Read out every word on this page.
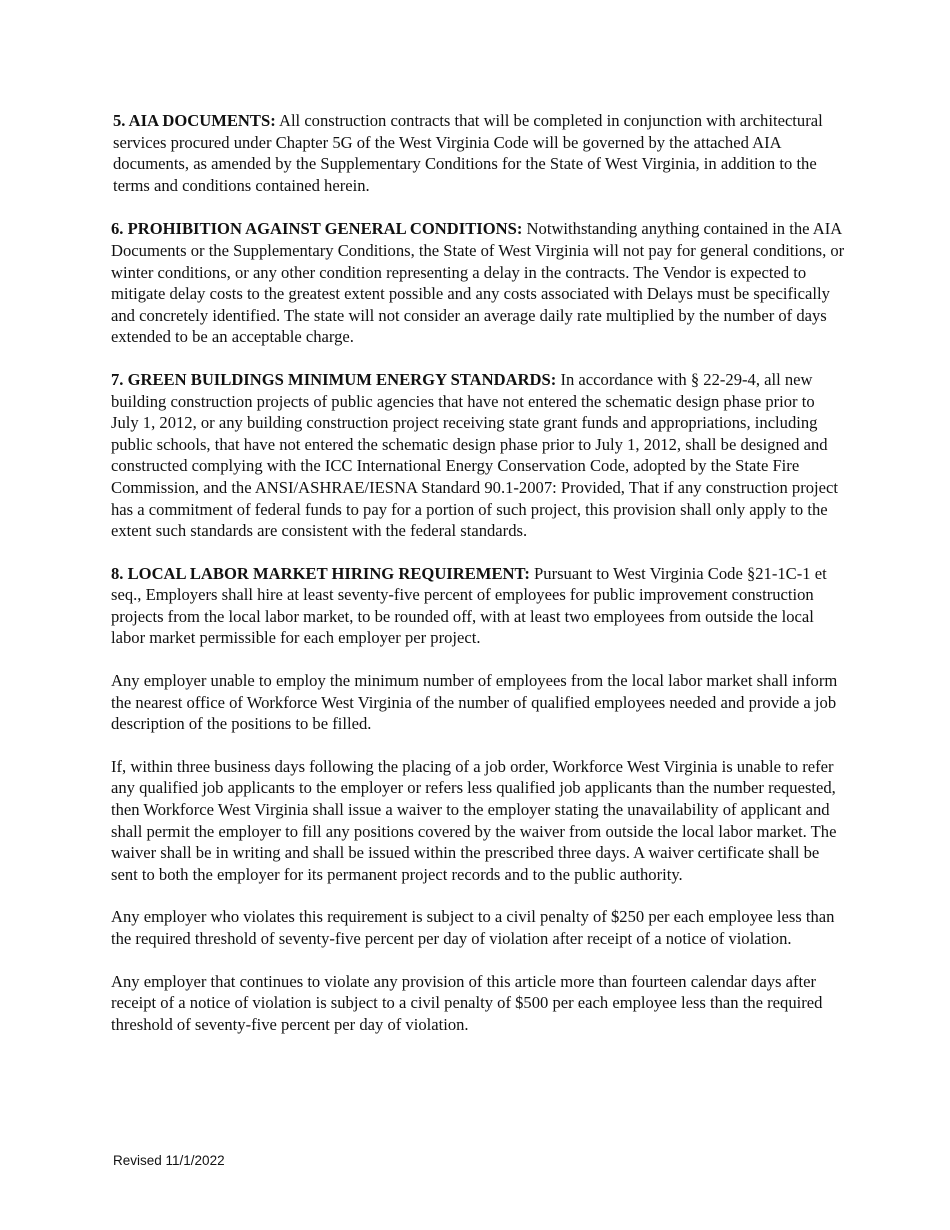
5. AIA DOCUMENTS: All construction contracts that will be completed in conjunction with architectural services procured under Chapter 5G of the West Virginia Code will be governed by the attached AIA documents, as amended by the Supplementary Conditions for the State of West Virginia, in addition to the terms and conditions contained herein.

6. PROHIBITION AGAINST GENERAL CONDITIONS: Notwithstanding anything contained in the AIA Documents or the Supplementary Conditions, the State of West Virginia will not pay for general conditions, or winter conditions, or any other condition representing a delay in the contracts. The Vendor is expected to mitigate delay costs to the greatest extent possible and any costs associated with Delays must be specifically and concretely identified. The state will not consider an average daily rate multiplied by the number of days extended to be an acceptable charge.

7. GREEN BUILDINGS MINIMUM ENERGY STANDARDS: In accordance with § 22-29-4, all new building construction projects of public agencies that have not entered the schematic design phase prior to July 1, 2012, or any building construction project receiving state grant funds and appropriations, including public schools, that have not entered the schematic design phase prior to July 1, 2012, shall be designed and constructed complying with the ICC International Energy Conservation Code, adopted by the State Fire Commission, and the ANSI/ASHRAE/IESNA Standard 90.1-2007: Provided, That if any construction project has a commitment of federal funds to pay for a portion of such project, this provision shall only apply to the extent such standards are consistent with the federal standards.

8. LOCAL LABOR MARKET HIRING REQUIREMENT: Pursuant to West Virginia Code §21-1C-1 et seq., Employers shall hire at least seventy-five percent of employees for public improvement construction projects from the local labor market, to be rounded off, with at least two employees from outside the local labor market permissible for each employer per project.

Any employer unable to employ the minimum number of employees from the local labor market shall inform the nearest office of Workforce West Virginia of the number of qualified employees needed and provide a job description of the positions to be filled.

If, within three business days following the placing of a job order, Workforce West Virginia is unable to refer any qualified job applicants to the employer or refers less qualified job applicants than the number requested, then Workforce West Virginia shall issue a waiver to the employer stating the unavailability of applicant and shall permit the employer to fill any positions covered by the waiver from outside the local labor market. The waiver shall be in writing and shall be issued within the prescribed three days. A waiver certificate shall be sent to both the employer for its permanent project records and to the public authority.

Any employer who violates this requirement is subject to a civil penalty of $250 per each employee less than the required threshold of seventy-five percent per day of violation after receipt of a notice of violation.

Any employer that continues to violate any provision of this article more than fourteen calendar days after receipt of a notice of violation is subject to a civil penalty of $500 per each employee less than the required threshold of seventy-five percent per day of violation.

Revised 11/1/2022
